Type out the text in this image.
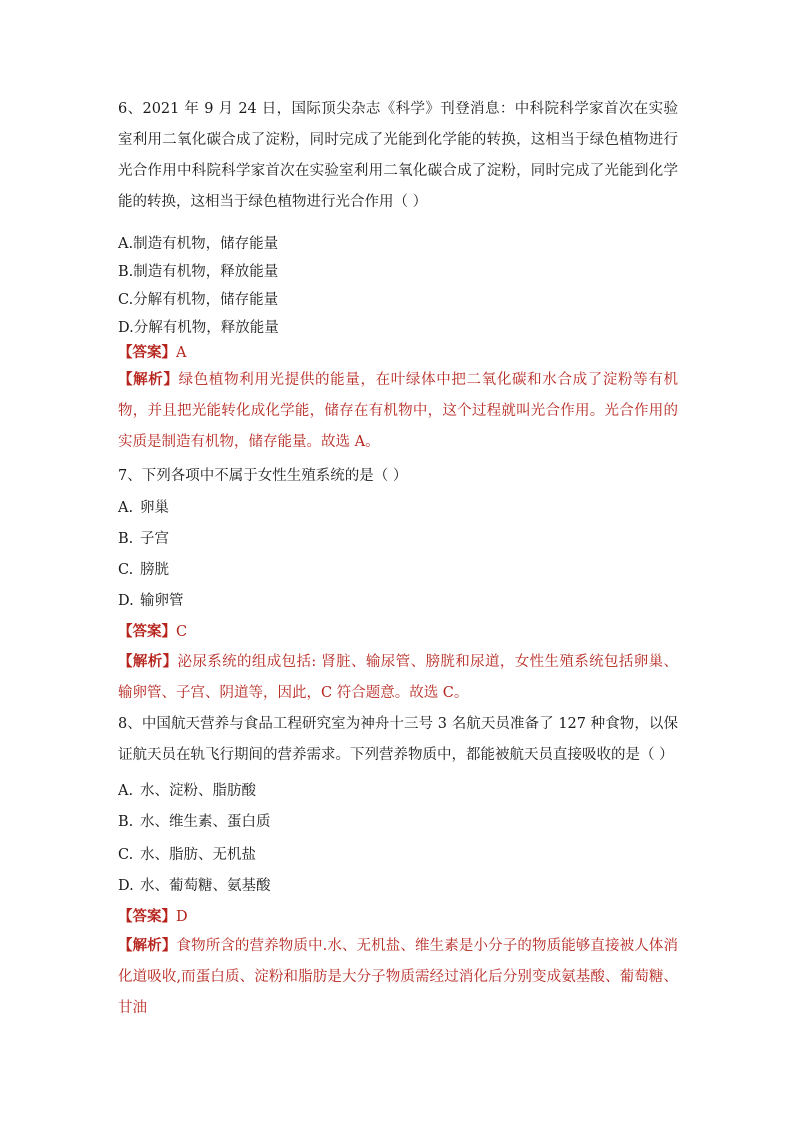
6、2021 年 9 月 24 日，国际顶尖杂志《科学》刊登消息：中科院科学家首次在实验室利用二氧化碳合成了淀粉，同时完成了光能到化学能的转换，这相当于绿色植物进行光合作用中科院科学家首次在实验室利用二氧化碳合成了淀粉，同时完成了光能到化学能的转换，这相当于绿色植物进行光合作用（ ）

A.制造有机物，储存能量

B.制造有机物，释放能量

C.分解有机物，储存能量

D.分解有机物，释放能量

【答案】A

【解析】绿色植物利用光提供的能量，在叶绿体中把二氧化碳和水合成了淀粉等有机物，并且把光能转化成化学能，储存在有机物中，这个过程就叫光合作用。光合作用的实质是制造有机物，储存能量。故选 A。

7、下列各项中不属于女性生殖系统的是（ ）

A. 卵巢

B. 子宫

C. 膀胱

D. 输卵管

【答案】C

【解析】泌尿系统的组成包括: 肾脏、输尿管、膀胱和尿道，女性生殖系统包括卵巢、输卵管、子宫、阴道等，因此，C 符合题意。故选 C。

8、中国航天营养与食品工程研究室为神舟十三号 3 名航天员准备了 127 种食物，以保证航天员在轨飞行期间的营养需求。下列营养物质中，都能被航天员直接吸收的是（ ）

A. 水、淀粉、脂肪酸

B. 水、维生素、蛋白质

C. 水、脂肪、无机盐

D. 水、葡萄糖、氨基酸

【答案】D

【解析】食物所含的营养物质中.水、无机盐、维生素是小分子的物质能够直接被人体消化道吸收,而蛋白质、淀粉和脂肪是大分子物质需经过消化后分别变成氨基酸、葡萄糖、甘油
